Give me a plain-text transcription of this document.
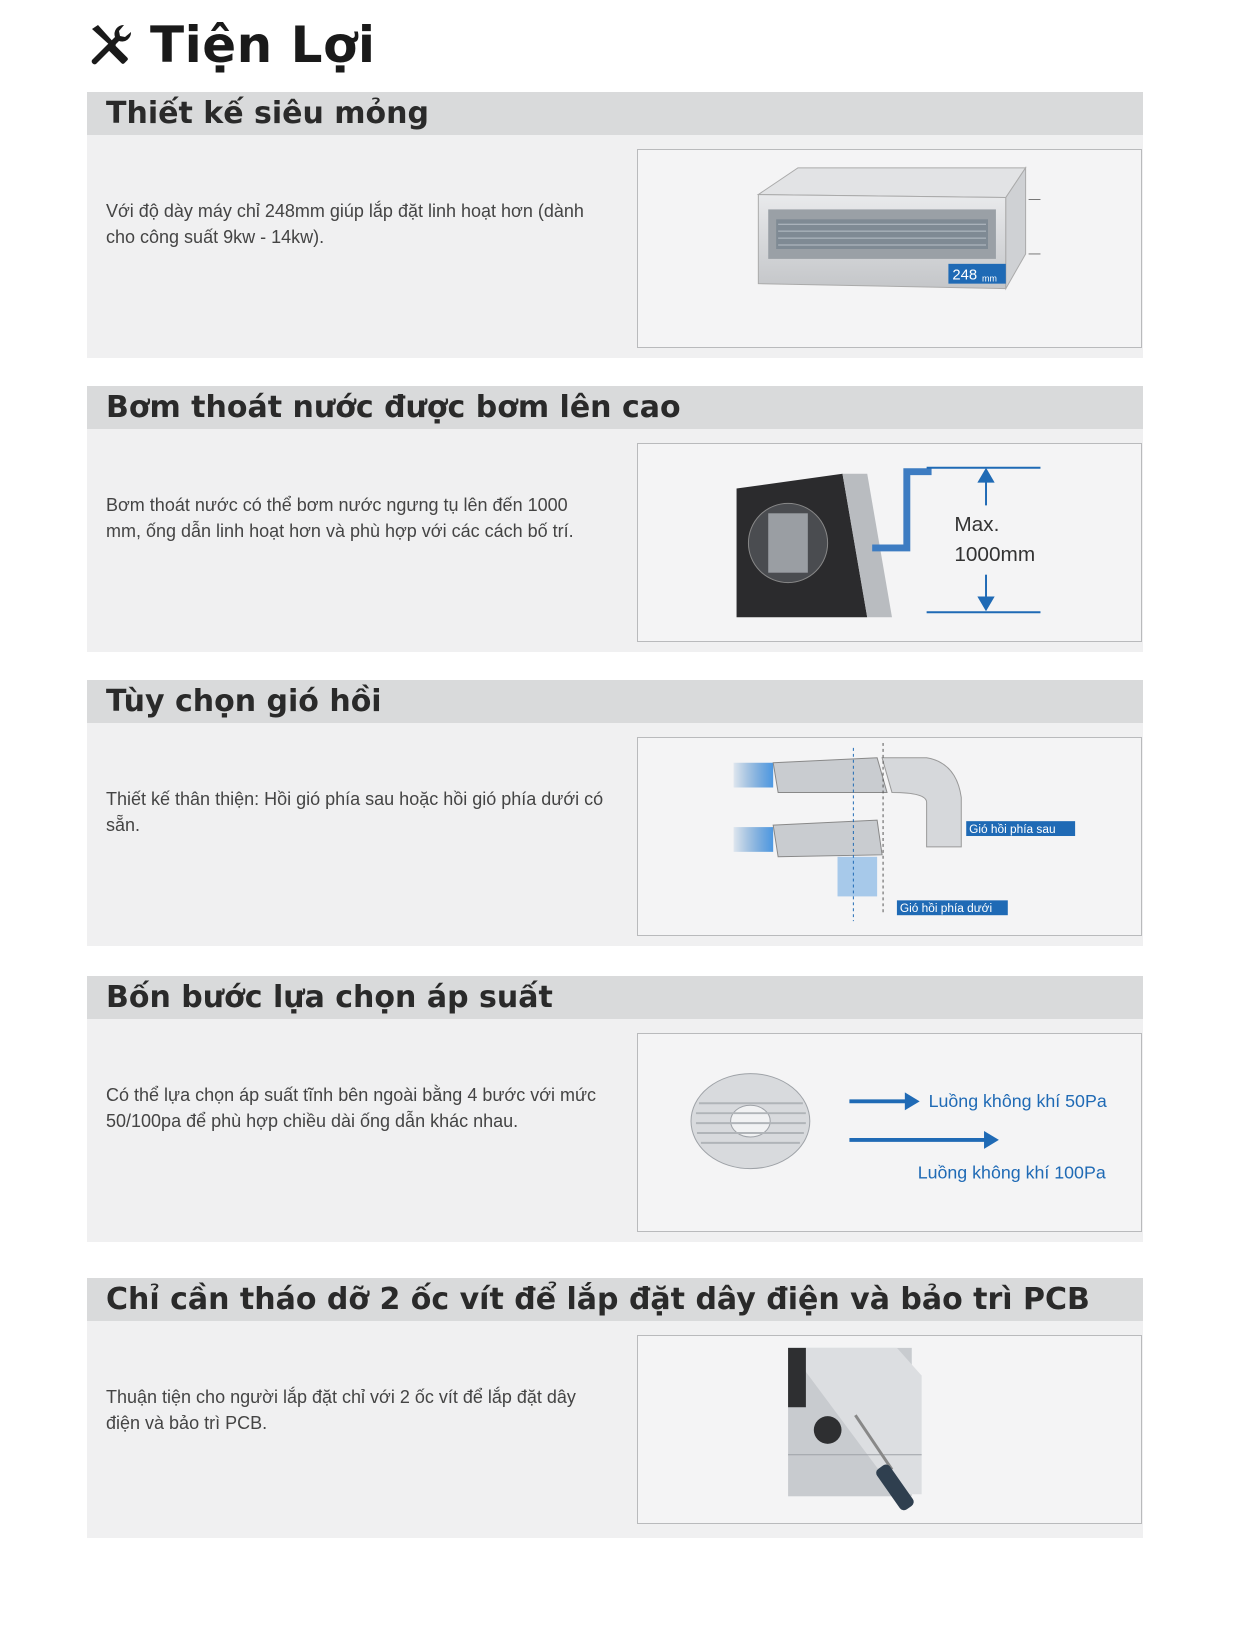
Tiện Lợi
Thiết kế siêu mỏng

Với độ dày máy chỉ 248mm giúp lắp đặt linh hoạt hơn (dành cho công suất 9kw - 14kw).

248 mm
Bơm thoát nước được bơm lên cao

Bơm thoát nước có thể bơm nước ngưng tụ lên đến 1000 mm, ống dẫn linh hoạt hơn và phù hợp với các cách bố trí.	Max.
1000mm
Tùy chọn gió hồi

Thiết kế thân thiện: Hồi gió phía sau hoặc hồi gió phía dưới có sẵn.	Gió hồi phía sau
Gió hồi phía dưới
Bốn bước lựa chọn áp suất

Có thể lựa chọn áp suất tĩnh bên ngoài bằng 4 bước với mức 50/100pa để phù hợp chiều dài ống dẫn khác nhau.

Luồng không khí 50Pa
Luồng không khí 100Pa
Chỉ cần tháo dỡ 2 ốc vít để lắp đặt dây điện và bảo trì PCB

Thuận tiện cho người lắp đặt chỉ với 2 ốc vít để lắp đặt dây điện và bảo trì PCB.
